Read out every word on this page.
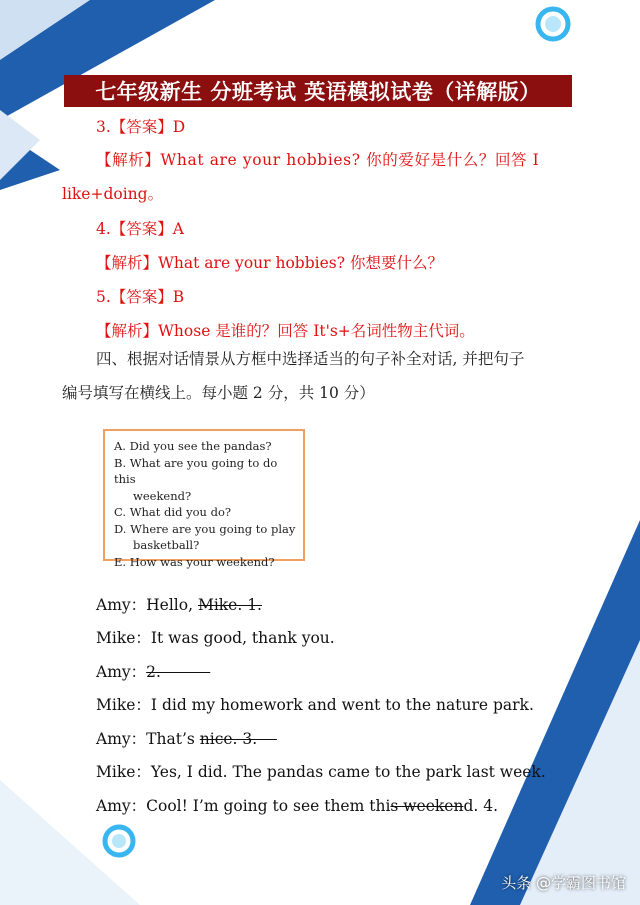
七年级新生 分班考试 英语模拟试卷（详解版）
3.【答案】D
【解析】What are your hobbies? 你的爱好是什么？回答 I
like+doing。
4.【答案】A
【解析】What are your hobbies? 你想要什么？
5.【答案】B
【解析】Whose 是谁的？回答 It's+名词性物主代词。
四、根据对话情景从方框中选择适当的句子补全对话, 并把句子
编号填写在横线上。每小题 2 分，共 10 分）
A. Did you see the pandas?
B. What are you going to do this
weekend?
C. What did you do?
D. Where are you going to play
basketball?
E. How was your weekend?
Amy：Hello, Mike. 1.
Mike：It was good, thank you.
Amy：2.
Mike：I did my homework and went to the nature park.
Amy：That’s nice. 3.
Mike：Yes, I did. The pandas came to the park last week.
Amy：Cool! I’m going to see them this weekend. 4.
头条 @学霸图书馆
